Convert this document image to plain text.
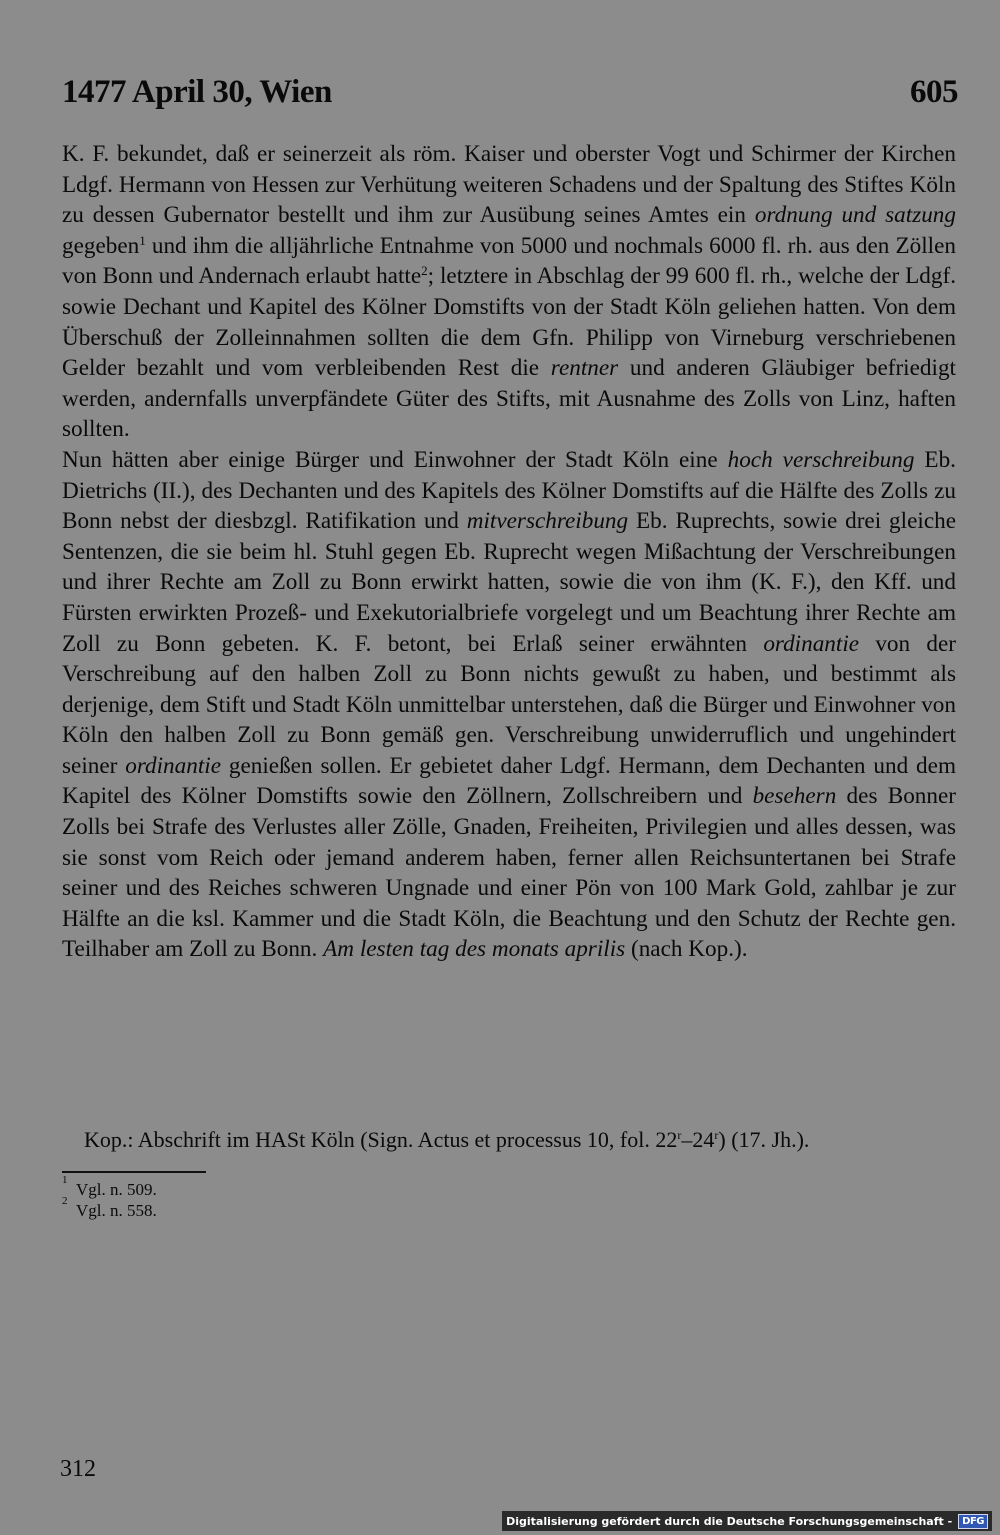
1477 April 30, Wien	605

K. F. bekundet, daß er seinerzeit als röm. Kaiser und oberster Vogt und Schirmer der Kirchen Ldgf. Hermann von Hessen zur Verhütung weiteren Schadens und der Spaltung des Stiftes Köln zu dessen Gubernator bestellt und ihm zur Ausübung seines Amtes ein ordnung und satzung gegeben$^1$ und ihm die alljährliche Entnahme von 5000 und nochmals 6000 fl. rh. aus den Zöllen von Bonn und Andernach erlaubt hatte$^2$; letztere in Abschlag der 99 600 fl. rh., welche der Ldgf. sowie Dechant und Kapitel des Kölner Domstifts von der Stadt Köln geliehen hatten. Von dem Überschuß der Zolleinnahmen sollten die dem Gfn. Philipp von Virneburg verschriebenen Gelder bezahlt und vom verbleibenden Rest die rentner und anderen Gläubiger befriedigt werden, andernfalls unverpfändete Güter des Stifts, mit Ausnahme des Zolls von Linz, haften sollten.

Nun hätten aber einige Bürger und Einwohner der Stadt Köln eine hoch verschreibung Eb. Dietrichs (II.), des Dechanten und des Kapitels des Kölner Domstifts auf die Hälfte des Zolls zu Bonn nebst der diesbzgl. Ratifikation und mitverschreibung Eb. Ruprechts, sowie drei gleiche Sentenzen, die sie beim hl. Stuhl gegen Eb. Ruprecht wegen Mißachtung der Verschreibungen und ihrer Rechte am Zoll zu Bonn erwirkt hatten, sowie die von ihm (K. F.), den Kff. und Fürsten erwirkten Prozeß- und Exekutorialbriefe vorgelegt und um Beachtung ihrer Rechte am Zoll zu Bonn gebeten. K. F. betont, bei Erlaß seiner erwähnten ordinantie von der Verschreibung auf den halben Zoll zu Bonn nichts gewußt zu haben, und bestimmt als derjenige, dem Stift und Stadt Köln unmittelbar unterstehen, daß die Bürger und Einwohner von Köln den halben Zoll zu Bonn gemäß gen. Verschreibung unwiderruflich und ungehindert seiner ordinantie genießen sollen. Er gebietet daher Ldgf. Hermann, dem Dechanten und dem Kapitel des Kölner Domstifts sowie den Zöllnern, Zollschreibern und besehern des Bonner Zolls bei Strafe des Verlustes aller Zölle, Gnaden, Freiheiten, Privilegien und alles dessen, was sie sonst vom Reich oder jemand anderem haben, ferner allen Reichsuntertanen bei Strafe seiner und des Reiches schweren Ungnade und einer Pön von 100 Mark Gold, zahlbar je zur Hälfte an die ksl. Kammer und die Stadt Köln, die Beachtung und den Schutz der Rechte gen. Teilhaber am Zoll zu Bonn. Am lesten tag des monats aprilis (nach Kop.).

Kop.: Abschrift im HASt Köln (Sign. Actus et processus 10, fol. 22$^r$–24$^r$) (17. Jh.).
1 Vgl. n. 509.
2 Vgl. n. 558.
312
Digitalisierung gefördert durch die Deutsche Forschungsgemeinschaft -	DFG
